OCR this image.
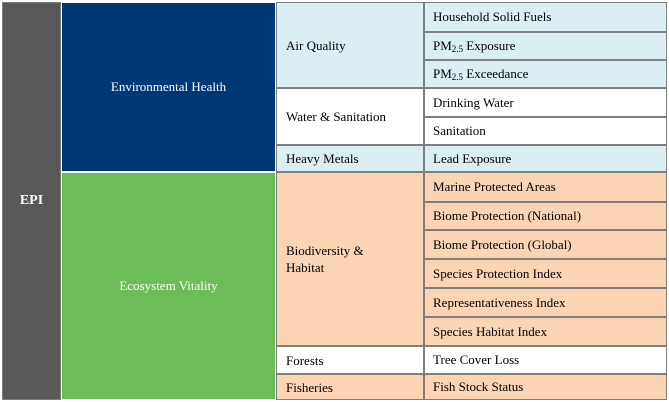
EPI
Environmental Health
Ecosystem Vitality
Air Quality
Water & Sanitation
Heavy Metals
Biodiversity & Habitat
Forests
Fisheries
Household Solid Fuels
$PM_{2.5}$ Exposure
$PM_{2.5}$ Exceedance
Drinking Water
Sanitation
Lead Exposure
Marine Protected Areas
Biome Protection (National)
Biome Protection (Global)
Species Protection Index
Representativeness Index
Species Habitat Index
Tree Cover Loss
Fish Stock Status
